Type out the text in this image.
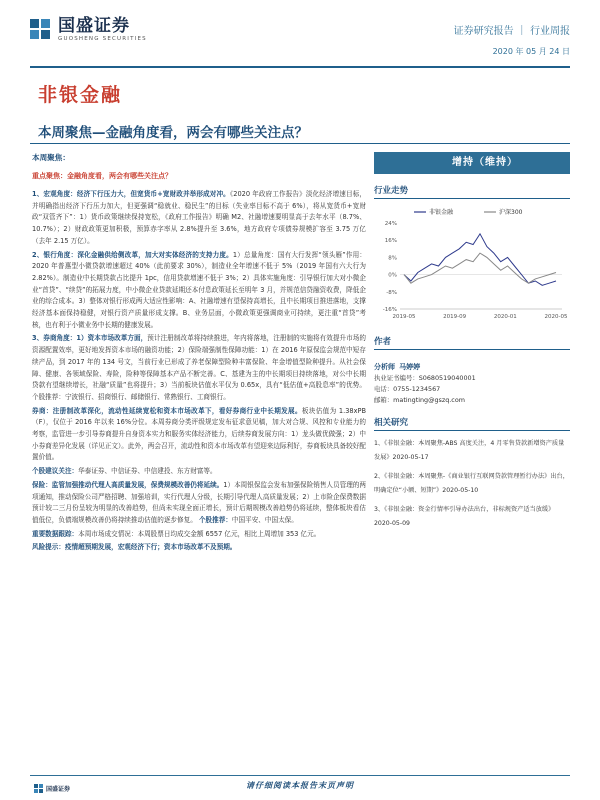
国盛证券
GUOSHENG SECURITIES
证券研究报告 ｜ 行业周报
2020 年 05 月 24 日
非银金融
本周聚焦—金融角度看，两会有哪些关注点？
本周聚焦：
重点聚焦：金融角度看，两会有哪些关注点？
1、宏观角度：经济下行压力大，但宽货币+宽财政并举形成对冲。《2020 年政府工作报告》淡化经济增速目标，并明确指出经济下行压力加大，但更强调“稳就业、稳民生”的目标（失业率目标不高于 6%），将从宽货币+宽财政“双管齐下”：1）货币政策继续保持宽松，《政府工作报告》明确 M2、社融增速要明显高于去年水平（8.7%、10.7%）；2）财政政策更加积极，预算赤字率从 2.8%提升至 3.6%，地方政府专项债券规模扩容至 3.75 万亿（去年 2.15 万亿）。
2、银行角度：深化金融供给侧改革，加大对实体经济的支持力度。1）总量角度：国有大行发挥“领头雁”作用：2020 年普惠型小微贷款增速超过 40%（此前要求 30%），制造业全年增速不低于 5%（2019 年国有六大行为 2.82%）。制造业中长期贷款占比提升 1pc，信用贷款增速不低于 3%；2）具体实施角度：引导银行加大对小微企业“首贷”、“续贷”的拓展力度，中小微企业贷款延期还本付息政策延长至明年 3 月，并规范信贷融资收费，降低企业的综合成本。3）整体对银行形成两大适应性影响：A、社融增速有望保持高增长，且中长期项目推进落地，支撑经济基本面保持稳健，对银行资产质量形成支撑。B、业务层面，小微政策更强调商业可持续，更注重“首贷”考核，也有利于小微业务中长期的健康发展。
3、券商角度：1）资本市场改革方面，预计注册制改革将持续推进，年内将落地，注册制的实施将有效提升市场的资源配置效率，更好地发挥资本市场的融资功能；2）保险端强制性保障功能：1）在 2016 年原保监会规范中短存续产品，到 2017 年的 134 号文，当前行业已形成了养老保障型险种丰富保险、年金增值型险种提升。从社会保障、健康、各领域保险、寿险，险种等保障基本产品不断完善。C、基建为主的中长期项目持续落地，对公中长期贷款有望继续增长，社融“质量”也将提升；3）当前板块估值水平仅为 0.65x，具有“低估值+高股息率”的优势。个股推荐：宁波银行、招商银行、邮储银行、常熟银行、工商银行。
券商：注册制改革深化，流动性延续宽松和资本市场改革下，看好券商行业中长期发展。板块估值为 1.38xPB（F），仅位于 2016 年以来 16%分位。本周券商分类评级规定发布征求意见稿，加大对合规、风控和专业能力的考察，监管进一步引导券商提升自身资本实力和服务实体经济能力，后续券商发展方向：1）龙头做优做强；2）中小券商差异化发展（详见正文）。此外，两会召开，流动性和资本市场改革有望迎来边际利好，券商板块具备较好配置价值。
个股建议关注：华泰证券、中信证券、中信建投、东方财富等。
保险：监管加强推动代理人高质量发展，保费规模改善仍将延续。1）本周银保监会发布加强保险销售人员管理的两项通知，推动保险公司严格招聘、加强培训，实行代理人分级，长期引导代理人高质量发展；2）上市险企保费数据预计较二三月份呈较为明显的改善趋势，但尚未实现全面正增长，预计后期规模改善趋势仍将延续，整体板块看估值低位，负债端规模改善仍将持续推动估值的逐步修复。 个股推荐：中国平安、中国太保。
重要数据跟踪：本周市场成交情况：本周股票日均成交金额 6557 亿元，相比上周增加 353 亿元。
风险提示：疫情超预期发展，宏观经济下行；资本市场改革不及预期。
增持（维持）
行业走势
24%
16%
8%
0%
-8%
-16%
2019-05	2019-09	2020-01	2020-05
非银金融	沪深300
作者
分析师 马婷婷
执业证书编号：S0680519040001
电话：0755-1234567
邮箱：matingting@gszq.com
相关研究
1、《非银金融：本周聚焦-ABS 高度关注，4 月零售贷款新增资产质量发展》2020-05-17
2、《非银金融：本周聚焦-《商业银行互联网贷款管理暂行办法》出台，明确定位“小额、短期”》2020-05-10
3、《非银金融：资金行情率引导办法出台，非标规资产适当放缓》2020-05-09
国盛证券	请仔细阅读本报告末页声明
